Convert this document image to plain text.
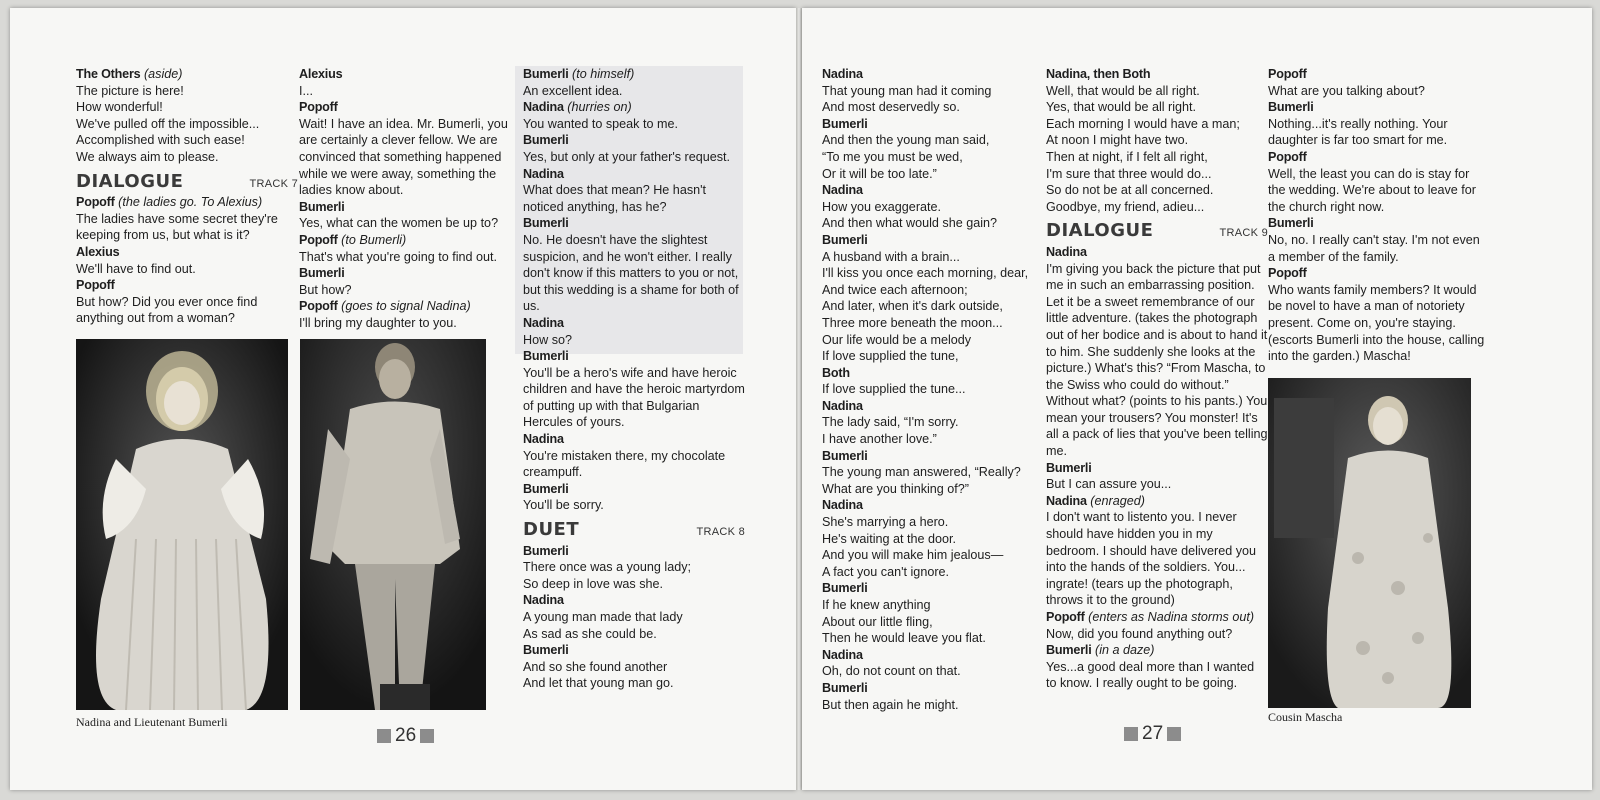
The Others (aside)

The picture is here!

How wonderful!

We've pulled off the impossible...

Accomplished with such ease!

We always aim to please.

DIALOGUE	TRACK 7
Popoff (the ladies go. To Alexius)

The ladies have some secret they're keeping from us, but what is it?

Alexius

We'll have to find out.

Popoff

But how? Did you ever once find anything out from a woman?

Alexius

I...

Popoff

Wait! I have an idea. Mr. Bumerli, you are certainly a clever fellow. We are convinced that something happened while we were away, something the ladies know about.

Bumerli

Yes, what can the women be up to?

Popoff (to Bumerli)

That's what you're going to find out.

Bumerli

But how?

Popoff (goes to signal Nadina)

I'll bring my daughter to you.

Bumerli (to himself)

An excellent idea.

Nadina (hurries on)

You wanted to speak to me.

Bumerli

Yes, but only at your father's request.

Nadina

What does that mean? He hasn't noticed anything, has he?

Bumerli

No. He doesn't have the slightest suspicion, and he won't either. I really don't know if this matters to you or not, but this wedding is a shame for both of us.

Nadina

How so?

Bumerli

You'll be a hero's wife and have heroic children and have the heroic martyrdom of putting up with that Bulgarian Hercules of yours.

Nadina

You're mistaken there, my chocolate creampuff.

Bumerli

You'll be sorry.

DUET	TRACK 8
Bumerli

There once was a young lady;

So deep in love was she.

Nadina

A young man made that lady

As sad as she could be.

Bumerli

And so she found another

And let that young man go.

Nadina and Lieutenant Bumerli
26
Nadina

That young man had it coming

And most deservedly so.

Bumerli

And then the young man said,

“To me you must be wed,

Or it will be too late.”

Nadina

How you exaggerate.

And then what would she gain?

Bumerli

A husband with a brain...

I'll kiss you once each morning, dear,

And twice each afternoon;

And later, when it's dark outside,

Three more beneath the moon...

Our life would be a melody

If love supplied the tune,

Both

If love supplied the tune...

Nadina

The lady said, “I'm sorry.

I have another love.”

Bumerli

The young man answered, “Really?

What are you thinking of?”

Nadina

She's marrying a hero.

He's waiting at the door.

And you will make him jealous—

A fact you can't ignore.

Bumerli

If he knew anything

About our little fling,

Then he would leave you flat.

Nadina

Oh, do not count on that.

Bumerli

But then again he might.

Nadina, then Both

Well, that would be all right.

Yes, that would be all right.

Each morning I would have a man;

At noon I might have two.

Then at night, if I felt all right,

I'm sure that three would do...

So do not be at all concerned.

Goodbye, my friend, adieu...

DIALOGUE	TRACK 9
Nadina

I'm giving you back the picture that put me in such an embarrassing position. Let it be a sweet remembrance of our little adventure. (takes the photograph out of her bodice and is about to hand it to him. She suddenly she looks at the picture.) What's this? “From Mascha, to the Swiss who could do without.” Without what? (points to his pants.) You mean your trousers? You monster! It's all a pack of lies that you've been telling me.

Bumerli

But I can assure you...

Nadina (enraged)

I don't want to listento you. I never should have hidden you in my bedroom. I should have delivered you into the hands of the soldiers. You... ingrate! (tears up the photograph, throws it to the ground)

Popoff (enters as Nadina storms out)

Now, did you found anything out?

Bumerli (in a daze)

Yes...a good deal more than I wanted to know. I really ought to be going.

Popoff

What are you talking about?

Bumerli

Nothing...it's really nothing. Your daughter is far too smart for me.

Popoff

Well, the least you can do is stay for the wedding. We're about to leave for the church right now.

Bumerli

No, no. I really can't stay. I'm not even a member of the family.

Popoff

Who wants family members? It would be novel to have a man of notoriety present. Come on, you're staying. (escorts Bumerli into the house, calling into the garden.) Mascha!

Cousin Mascha
27
